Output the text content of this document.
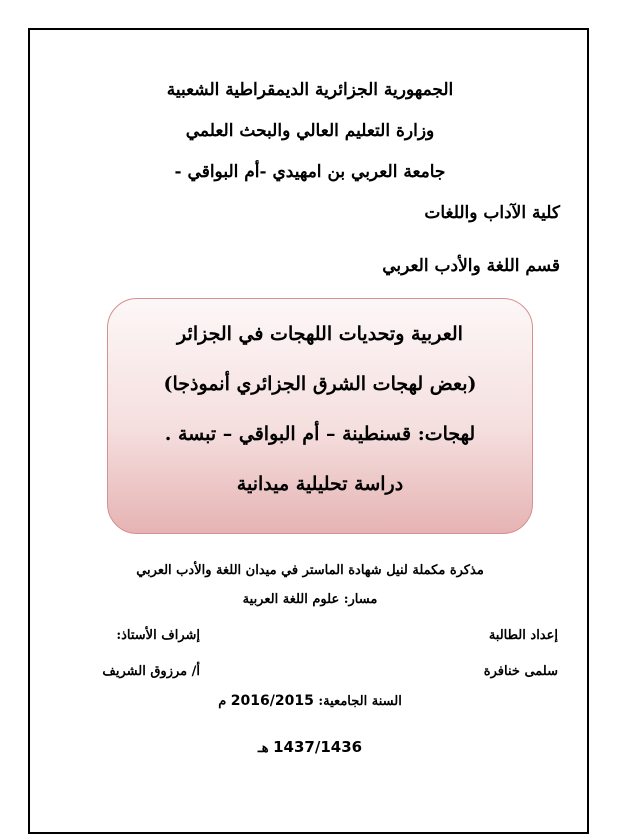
الجمهورية الجزائرية الديمقراطية الشعبية
وزارة التعليم العالي والبحث العلمي
جامعة العربي بن امهيدي -أم البواقي -
كلية الآداب واللغات
قسم اللغة والأدب العربي
العربية وتحديات اللهجات في الجزائر
(بعض لهجات الشرق الجزائري أنموذجا)
لهجات: قسنطينة – أم البواقي – تبسة .
دراسة تحليلية ميدانية
مذكرة مكملة لنيل شهادة الماستر في ميدان اللغة والأدب العربي
مسار: علوم اللغة العربية
إعداد الطالبة
إشراف الأستاذ:
سلمى خنافرة
أ/ مرزوق الشريف
السنة الجامعية: 2016/2015 م
1437/1436 هـ
